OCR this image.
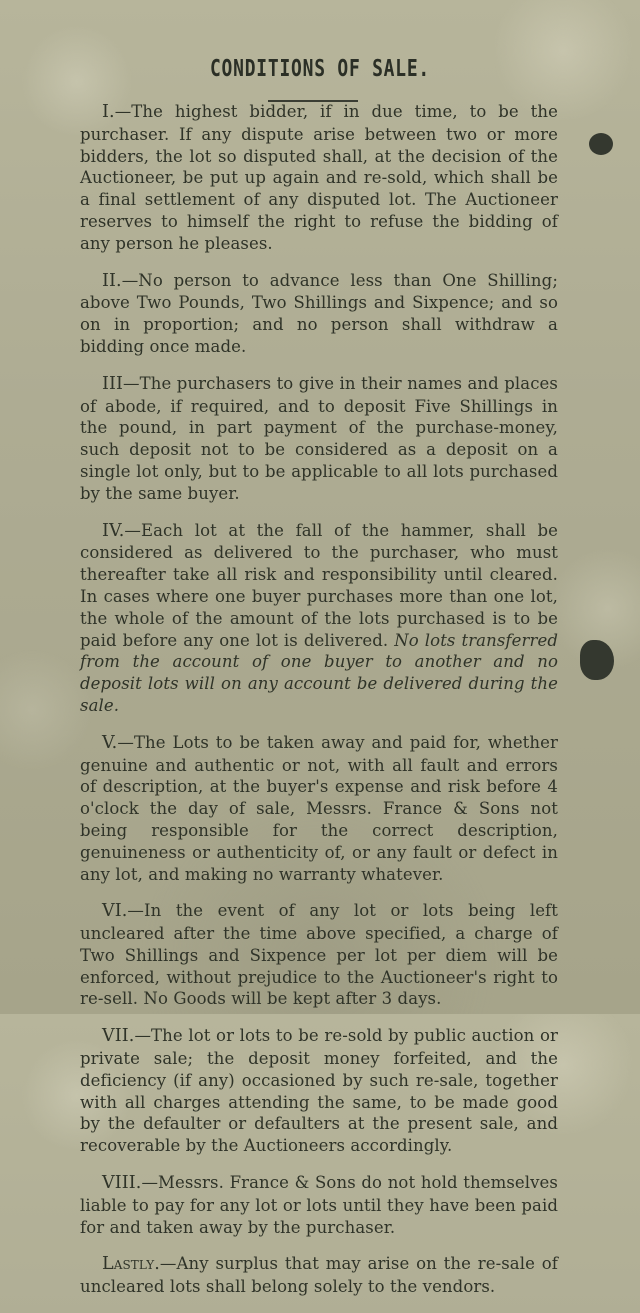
CONDITIONS OF SALE.

I.—The highest bidder, if in due time, to be the purchaser. If any dispute arise between two or more bidders, the lot so disputed shall, at the decision of the Auctioneer, be put up again and re-sold, which shall be a final settlement of any disputed lot. The Auctioneer reserves to himself the right to refuse the bidding of any person he pleases.

II.—No person to advance less than One Shilling; above Two Pounds, Two Shillings and Sixpence; and so on in proportion; and no person shall withdraw a bidding once made.

III—The purchasers to give in their names and places of abode, if required, and to deposit Five Shillings in the pound, in part payment of the purchase-money, such deposit not to be considered as a deposit on a single lot only, but to be applicable to all lots purchased by the same buyer.

IV.—Each lot at the fall of the hammer, shall be considered as delivered to the purchaser, who must thereafter take all risk and responsibility until cleared. In cases where one buyer purchases more than one lot, the whole of the amount of the lots purchased is to be paid before any one lot is delivered. No lots transferred from the account of one buyer to another and no deposit lots will on any account be delivered during the sale.

V.—The Lots to be taken away and paid for, whether genuine and authentic or not, with all fault and errors of description, at the buyer's expense and risk before 4 o'clock the day of sale, Messrs. France & Sons not being responsible for the correct description, genuineness or authenticity of, or any fault or defect in any lot, and making no warranty whatever.

VI.—In the event of any lot or lots being left uncleared after the time above specified, a charge of Two Shillings and Sixpence per lot per diem will be enforced, without prejudice to the Auctioneer's right to re-sell. No Goods will be kept after 3 days.

VII.—The lot or lots to be re-sold by public auction or private sale; the deposit money forfeited, and the deficiency (if any) occasioned by such re-sale, together with all charges attending the same, to be made good by the defaulter or defaulters at the present sale, and recoverable by the Auctioneers accordingly.

VIII.—Messrs. France & Sons do not hold themselves liable to pay for any lot or lots until they have been paid for and taken away by the purchaser.

Lastly.—Any surplus that may arise on the re-sale of uncleared lots shall belong solely to the vendors.
